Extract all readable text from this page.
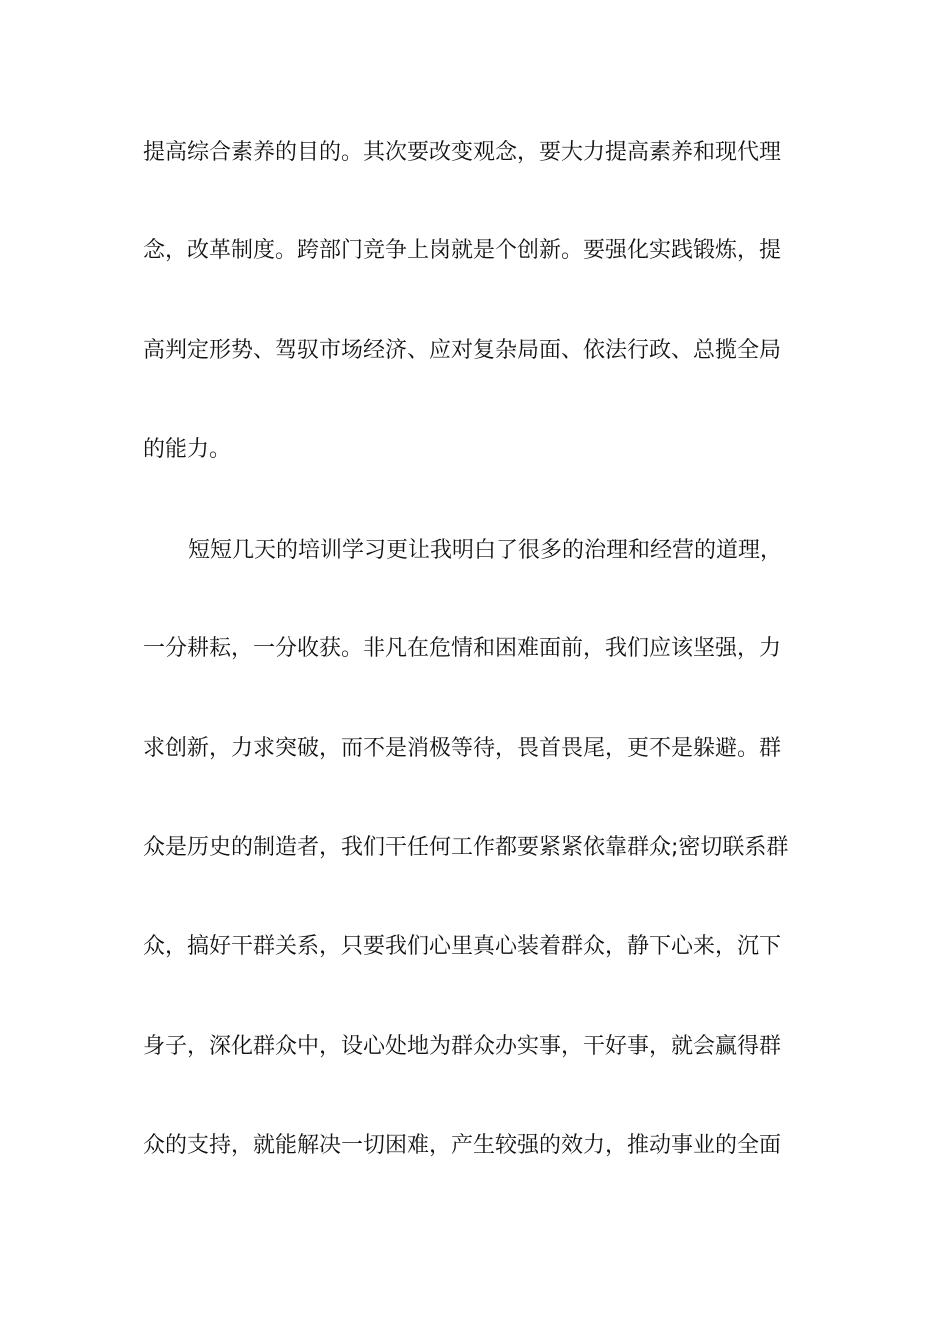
提高综合素养的目的。其次要改变观念，要大力提高素养和现代理
念，改革制度。跨部门竞争上岗就是个创新。要强化实践锻炼，提
高判定形势、驾驭市场经济、应对复杂局面、依法行政、总揽全局
的能力。
短短几天的培训学习更让我明白了很多的治理和经营的道理，
一分耕耘，一分收获。非凡在危情和困难面前，我们应该坚强，力
求创新，力求突破，而不是消极等待，畏首畏尾，更不是躲避。群
众是历史的制造者，我们干任何工作都要紧紧依靠群众;密切联系群
众，搞好干群关系，只要我们心里真心装着群众，静下心来，沉下
身子，深化群众中，设心处地为群众办实事，干好事，就会赢得群
众的支持，就能解决一切困难，产生较强的效力，推动事业的全面
